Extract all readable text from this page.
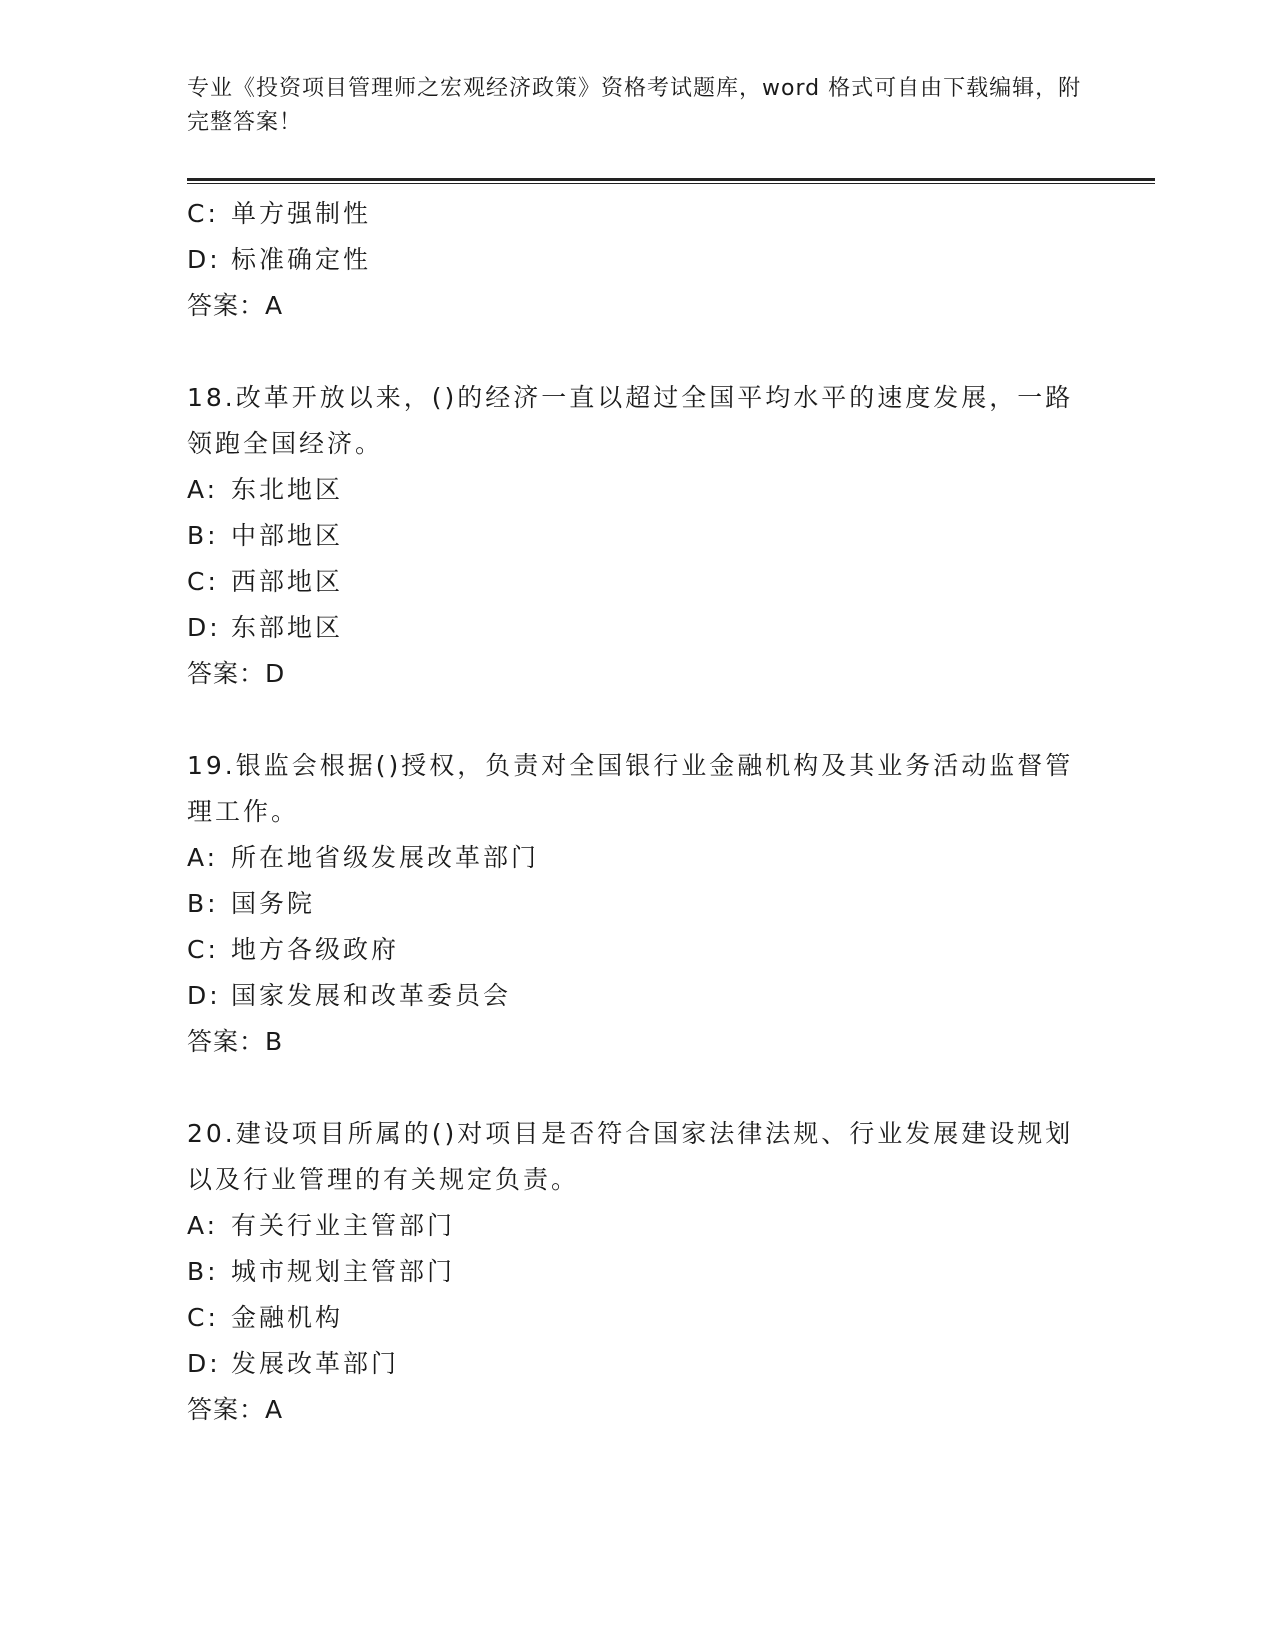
专业《投资项目管理师之宏观经济政策》资格考试题库，word 格式可自由下载编辑，附完整答案！
C: 单方强制性
D: 标准确定性
答案：A
18.改革开放以来，()的经济一直以超过全国平均水平的速度发展，一路领跑全国经济。
A: 东北地区
B: 中部地区
C: 西部地区
D: 东部地区
答案：D
19.银监会根据()授权，负责对全国银行业金融机构及其业务活动监督管理工作。
A: 所在地省级发展改革部门
B: 国务院
C: 地方各级政府
D: 国家发展和改革委员会
答案：B
20.建设项目所属的()对项目是否符合国家法律法规、行业发展建设规划以及行业管理的有关规定负责。
A: 有关行业主管部门
B: 城市规划主管部门
C: 金融机构
D: 发展改革部门
答案：A
